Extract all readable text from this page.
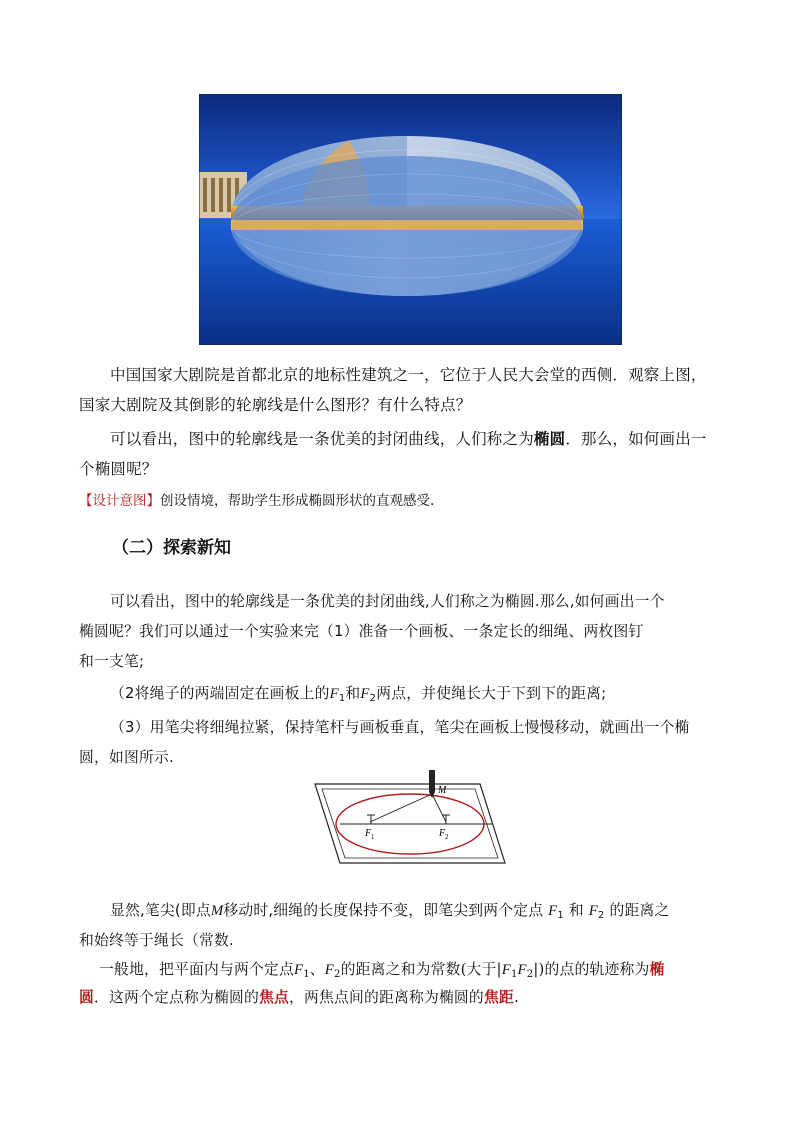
中国国家大剧院是首都北京的地标性建筑之一，它位于人民大会堂的西侧．观察上图，
国家大剧院及其倒影的轮廓线是什么图形？有什么特点？
可以看出，图中的轮廓线是一条优美的封闭曲线，人们称之为椭圆．那么，如何画出一
个椭圆呢？
【设计意图】创设情境，帮助学生形成椭圆形状的直观感受.
（二）探索新知
可以看出，图中的轮廓线是一条优美的封闭曲线,人们称之为椭圆.那么,如何画出一个
椭圆呢？我们可以通过一个实验来完（1）准备一个画板、一条定长的细绳、两枚图钉
和一支笔;
（2将绳子的两端固定在画板上的$F_1$和$F_2$两点，并使绳长大于下到下的距离;
（3）用笔尖将细绳拉紧，保持笔杆与画板垂直，笔尖在画板上慢慢移动，就画出一个椭
圆，如图所示.
M
F 1	F 2
显然,笔尖(即点M移动时,细绳的长度保持不变，即笔尖到两个定点 $F_1$ 和 $F_2$ 的距离之
和始终等于绳长（常数.
一般地，把平面内与两个定点$F_1$、$F_2$的距离之和为常数(大于$|F_1F_2|$)的点的轨迹称为椭
圆．这两个定点称为椭圆的焦点，两焦点间的距离称为椭圆的焦距.
